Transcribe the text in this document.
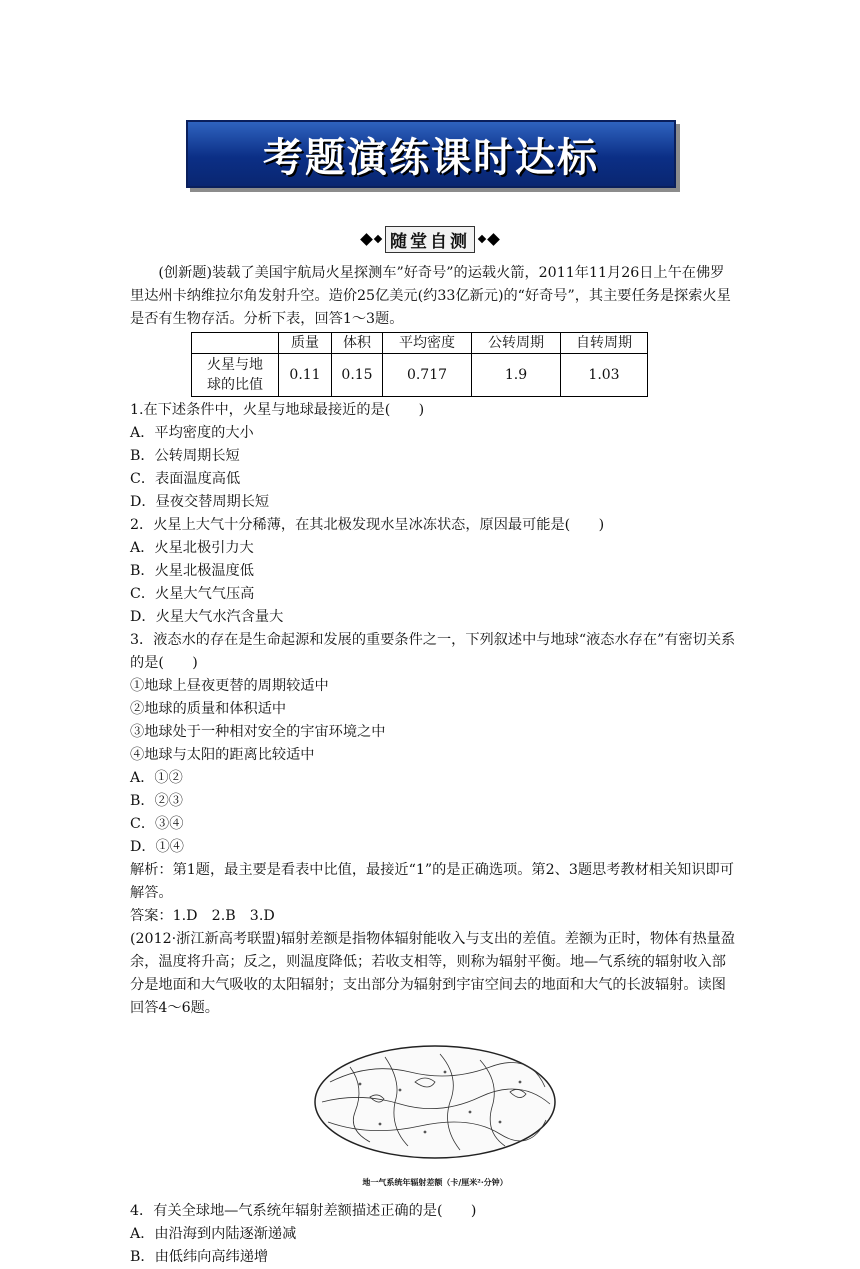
考题演练课时达标
随堂自测

(创新题)装载了美国宇航局火星探测车”好奇号”的运载火箭，2011年11月26日上午在佛罗里达州卡纳维拉尔角发射升空。造价25亿美元(约33亿新元)的“好奇号”，其主要任务是探索火星是否有生物存活。分析下表，回答1～3题。

	质量	体积	平均密度	公转周期	自转周期
火星与地
球的比值	0.11	0.15	0.717	1.9	1.03

1.在下述条件中，火星与地球最接近的是(　　)

A．平均密度的大小

B．公转周期长短

C．表面温度高低

D．昼夜交替周期长短

2．火星上大气十分稀薄，在其北极发现水呈冰冻状态，原因最可能是(　　)

A．火星北极引力大

B．火星北极温度低

C．火星大气气压高

D．火星大气水汽含量大

3．液态水的存在是生命起源和发展的重要条件之一，下列叙述中与地球“液态水存在”有密切关系的是(　　)

①地球上昼夜更替的周期较适中

②地球的质量和体积适中

③地球处于一种相对安全的宇宙环境之中

④地球与太阳的距离比较适中

A．①②

B．②③

C．③④

D．①④

解析：第1题，最主要是看表中比值，最接近“1”的是正确选项。第2、3题思考教材相关知识即可解答。

答案：1.D　2.B　3.D

(2012·浙江新高考联盟)辐射差额是指物体辐射能收入与支出的差值。差额为正时，物体有热量盈余，温度将升高；反之，则温度降低；若收支相等，则称为辐射平衡。地—气系统的辐射收入部分是地面和大气吸收的太阳辐射；支出部分为辐射到宇宙空间去的地面和大气的长波辐射。读图回答4～6题。

地一气系统年辐射差额（卡/厘米²·分钟）

4．有关全球地—气系统年辐射差额描述正确的是(　　)

A．由沿海到内陆逐渐递减

B．由低纬向高纬递增
